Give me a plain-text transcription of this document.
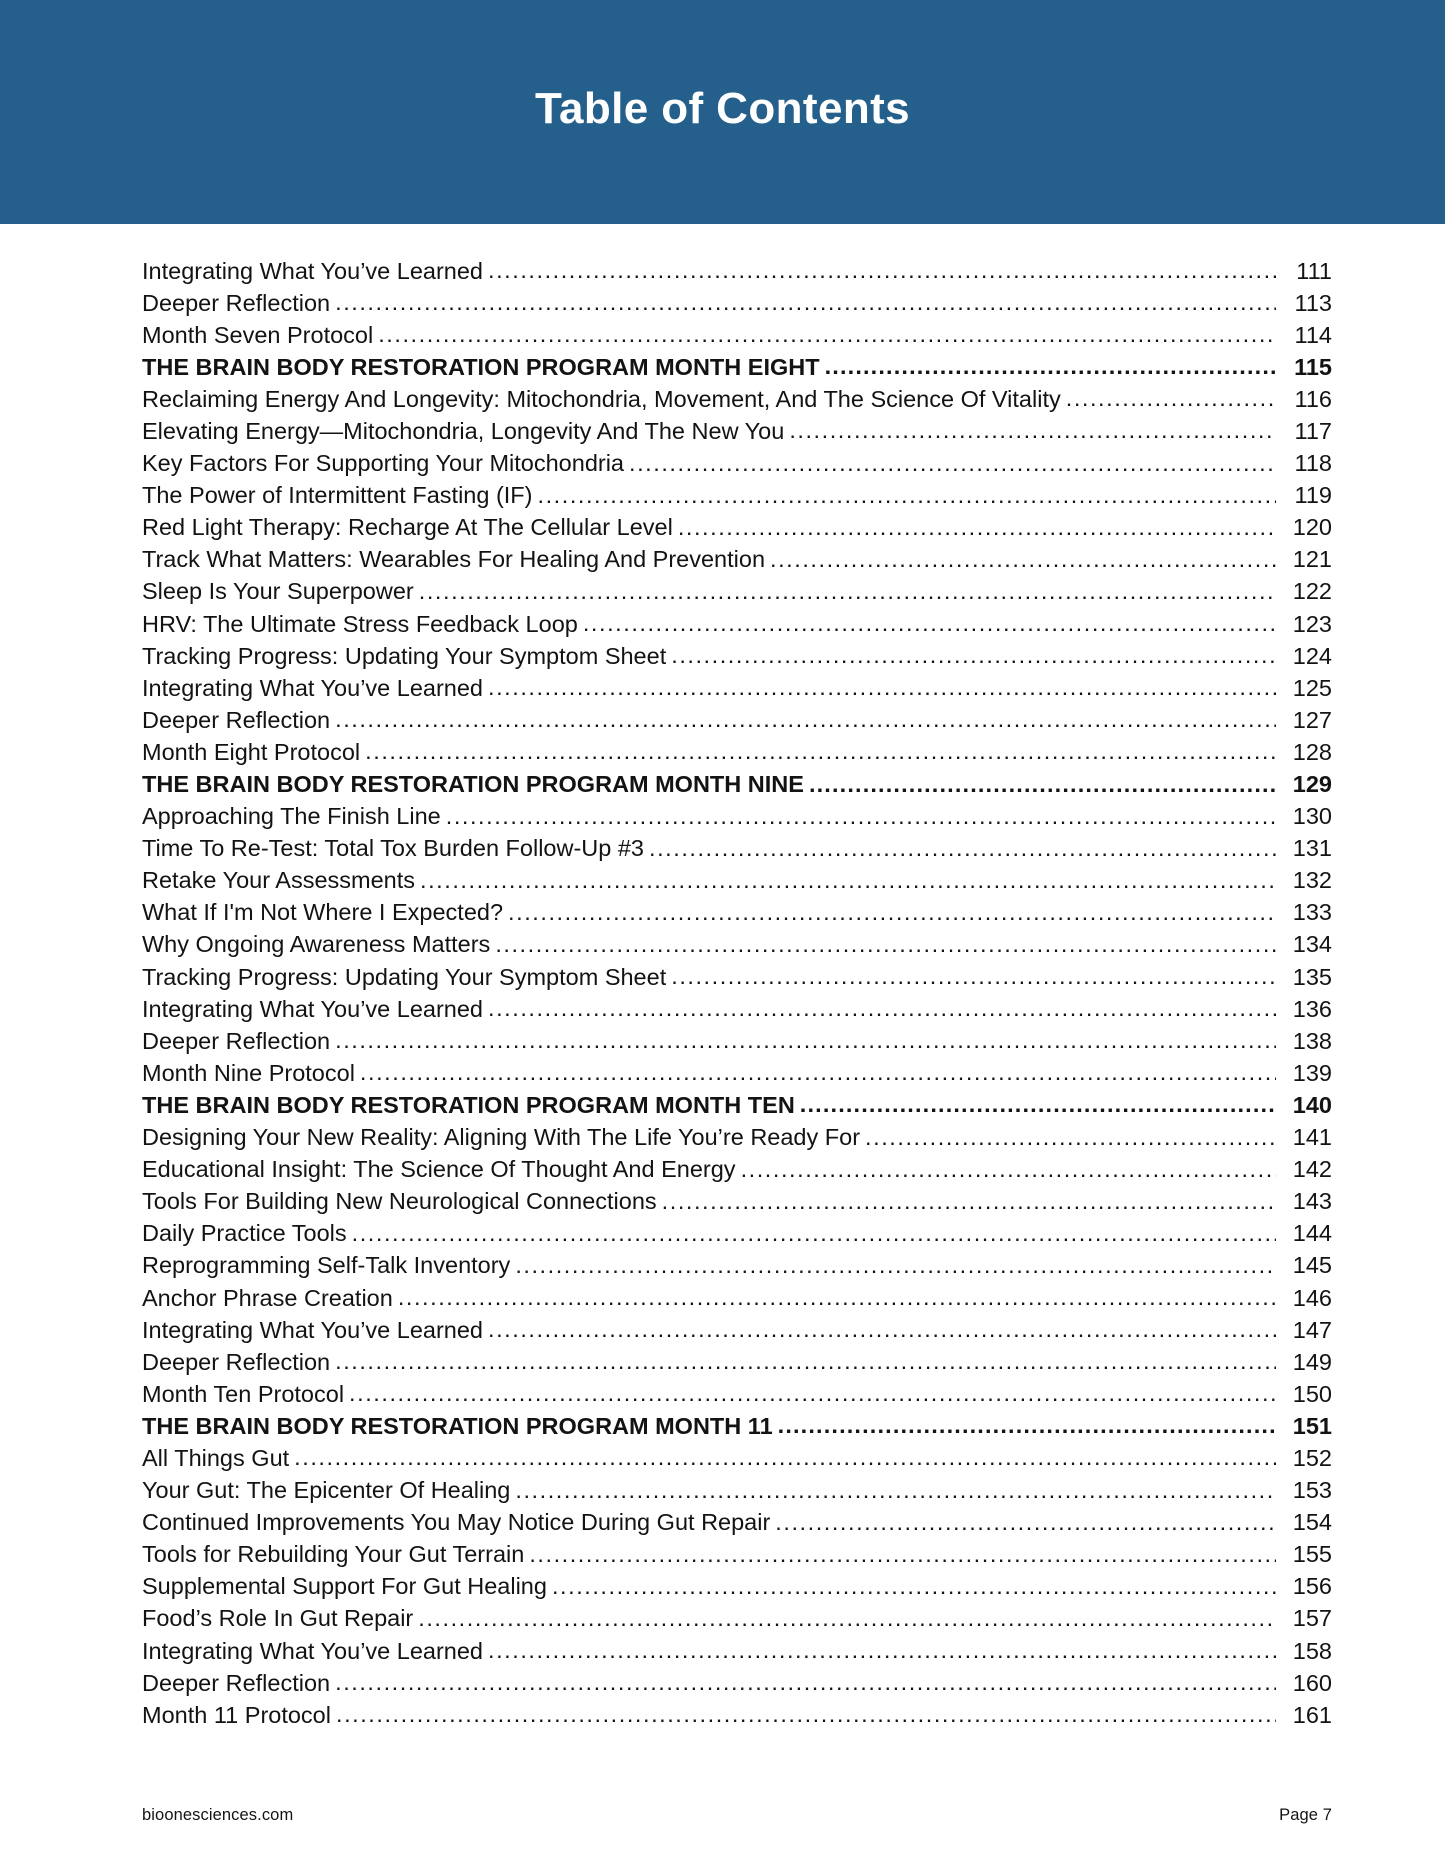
Table of Contents
Integrating What You’ve Learned .....	111
Deeper Reflection .....	113
Month Seven Protocol .....	114
THE BRAIN BODY RESTORATION PROGRAM MONTH EIGHT .....	115
Reclaiming Energy And Longevity: Mitochondria, Movement, And The Science Of Vitality .....	116
Elevating Energy—Mitochondria, Longevity And The New You .....	117
Key Factors For Supporting Your Mitochondria .....	118
The Power of Intermittent Fasting (IF) .....	119
Red Light Therapy: Recharge At The Cellular Level .....	120
Track What Matters: Wearables For Healing And Prevention .....	121
Sleep Is Your Superpower .....	122
HRV: The Ultimate Stress Feedback Loop .....	123
Tracking Progress: Updating Your Symptom Sheet .....	124
Integrating What You’ve Learned .....	125
Deeper Reflection .....	127
Month Eight Protocol .....	128
THE BRAIN BODY RESTORATION PROGRAM MONTH NINE .....	129
Approaching The Finish Line .....	130
Time To Re-Test: Total Tox Burden Follow-Up #3 .....	131
Retake Your Assessments .....	132
What If I'm Not Where I Expected? .....	133
Why Ongoing Awareness Matters .....	134
Tracking Progress: Updating Your Symptom Sheet .....	135
Integrating What You’ve Learned .....	136
Deeper Reflection .....	138
Month Nine Protocol .....	139
THE BRAIN BODY RESTORATION PROGRAM MONTH TEN .....	140
Designing Your New Reality: Aligning With The Life You’re Ready For .....	141
Educational Insight: The Science Of Thought And Energy .....	142
Tools For Building New Neurological Connections .....	143
Daily Practice Tools .....	144
Reprogramming Self-Talk Inventory .....	145
Anchor Phrase Creation .....	146
Integrating What You’ve Learned .....	147
Deeper Reflection .....	149
Month Ten Protocol .....	150
THE BRAIN BODY RESTORATION PROGRAM MONTH 11 .....	151
All Things Gut .....	152
Your Gut: The Epicenter Of Healing .....	153
Continued Improvements You May Notice During Gut Repair .....	154
Tools for Rebuilding Your Gut Terrain .....	155
Supplemental Support For Gut Healing .....	156
Food’s Role In Gut Repair .....	157
Integrating What You’ve Learned .....	158
Deeper Reflection .....	160
Month 11 Protocol .....	161
bioonesciences.com	Page 7
